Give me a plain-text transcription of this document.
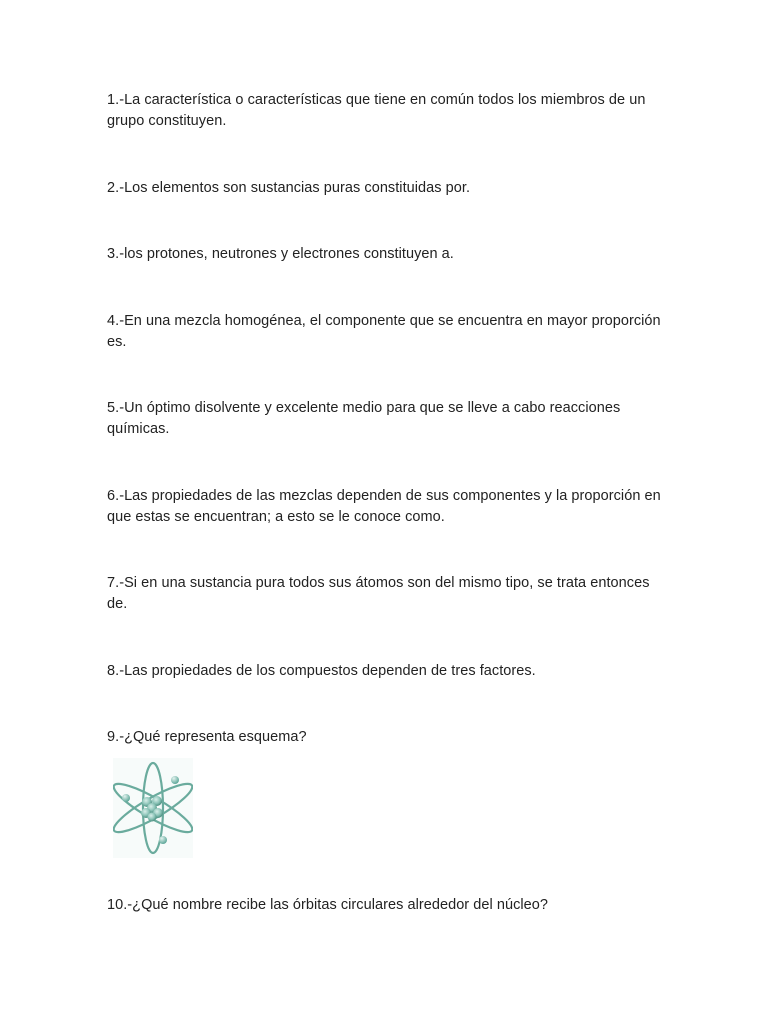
1.-La característica o características que tiene en común todos los miembros de un grupo constituyen.
2.-Los elementos son sustancias puras constituidas por.
3.-los protones, neutrones y electrones constituyen a.
4.-En una mezcla homogénea, el componente que se encuentra en mayor proporción es.
5.-Un óptimo disolvente y excelente medio para que se lleve a cabo reacciones químicas.
6.-Las propiedades de las mezclas dependen de sus componentes y la proporción en que estas se encuentran; a esto se le conoce como.
7.-Si en una sustancia pura todos sus átomos son del mismo tipo, se trata entonces de.
8.-Las propiedades de los compuestos dependen de tres factores.
9.-¿Qué representa esquema?
10.-¿Qué nombre recibe las órbitas circulares alrededor del núcleo?
